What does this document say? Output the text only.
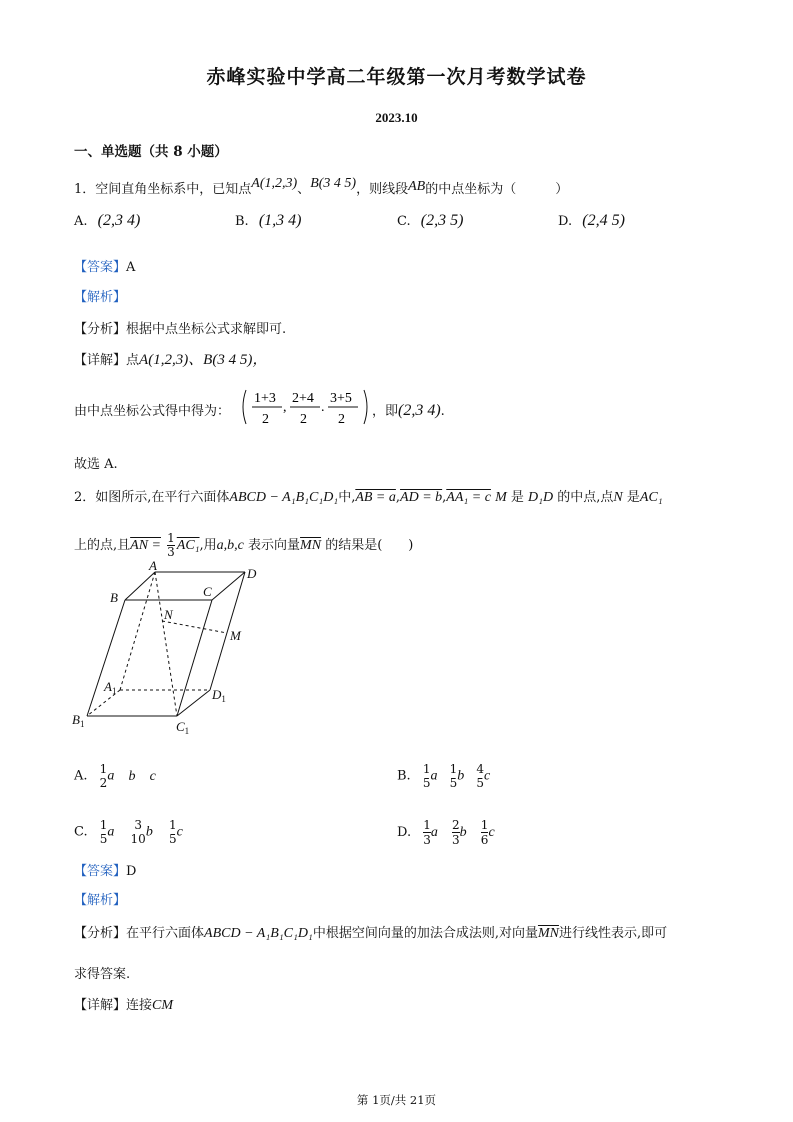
赤峰实验中学高二年级第一次月考数学试卷
2023.10
一、单选题（共 8 小题）
1．空间直角坐标系中，已知点A(1,2,3)、B(3 4 5)，则线段AB的中点坐标为（　　　）
A. (2,3 4)	B. (1,3 4)	C. (2,3 5)	D. (2,4 5)
【答案】A
【解析】
【分析】根据中点坐标公式求解即可.
【详解】点A(1,2,3)、B(3 4 5)，
由中点坐标公式得中得为：
1+3
2
,
2+4
2
.
3+5
2
，即(2,3 4).
故选 A.
2．如图所示,在平行六面体ABCD − A₁B₁C₁D₁中,AB = a,AD = b,AA₁ = c M 是 D₁D 的中点,点N 是AC₁
上的点,且AN = $\frac{1}{3} AC_1$,用a,b,c 表示向量$\overline{MN}$ 的结果是(　　)
A
B	C
D
N
M
$A_1$	$D_1$
$B_1$	$C_1$
A. 1
2 a b c	B. 1
5 a 1
5 b 4
5 c
C. 1
5 a	3
10 b 1
5 c	D. $\frac{1}{3}$ a $\frac{2}{3}$ b $\frac{1}{6}$ c
【答案】D
【解析】
【分析】在平行六面体ABCD − A₁B₁C₁D₁中根据空间向量的加法合成法则,对向量$\overline{MN}$进行线性表示,即可
求得答案.
【详解】连接CM
第 1页/共 21页
